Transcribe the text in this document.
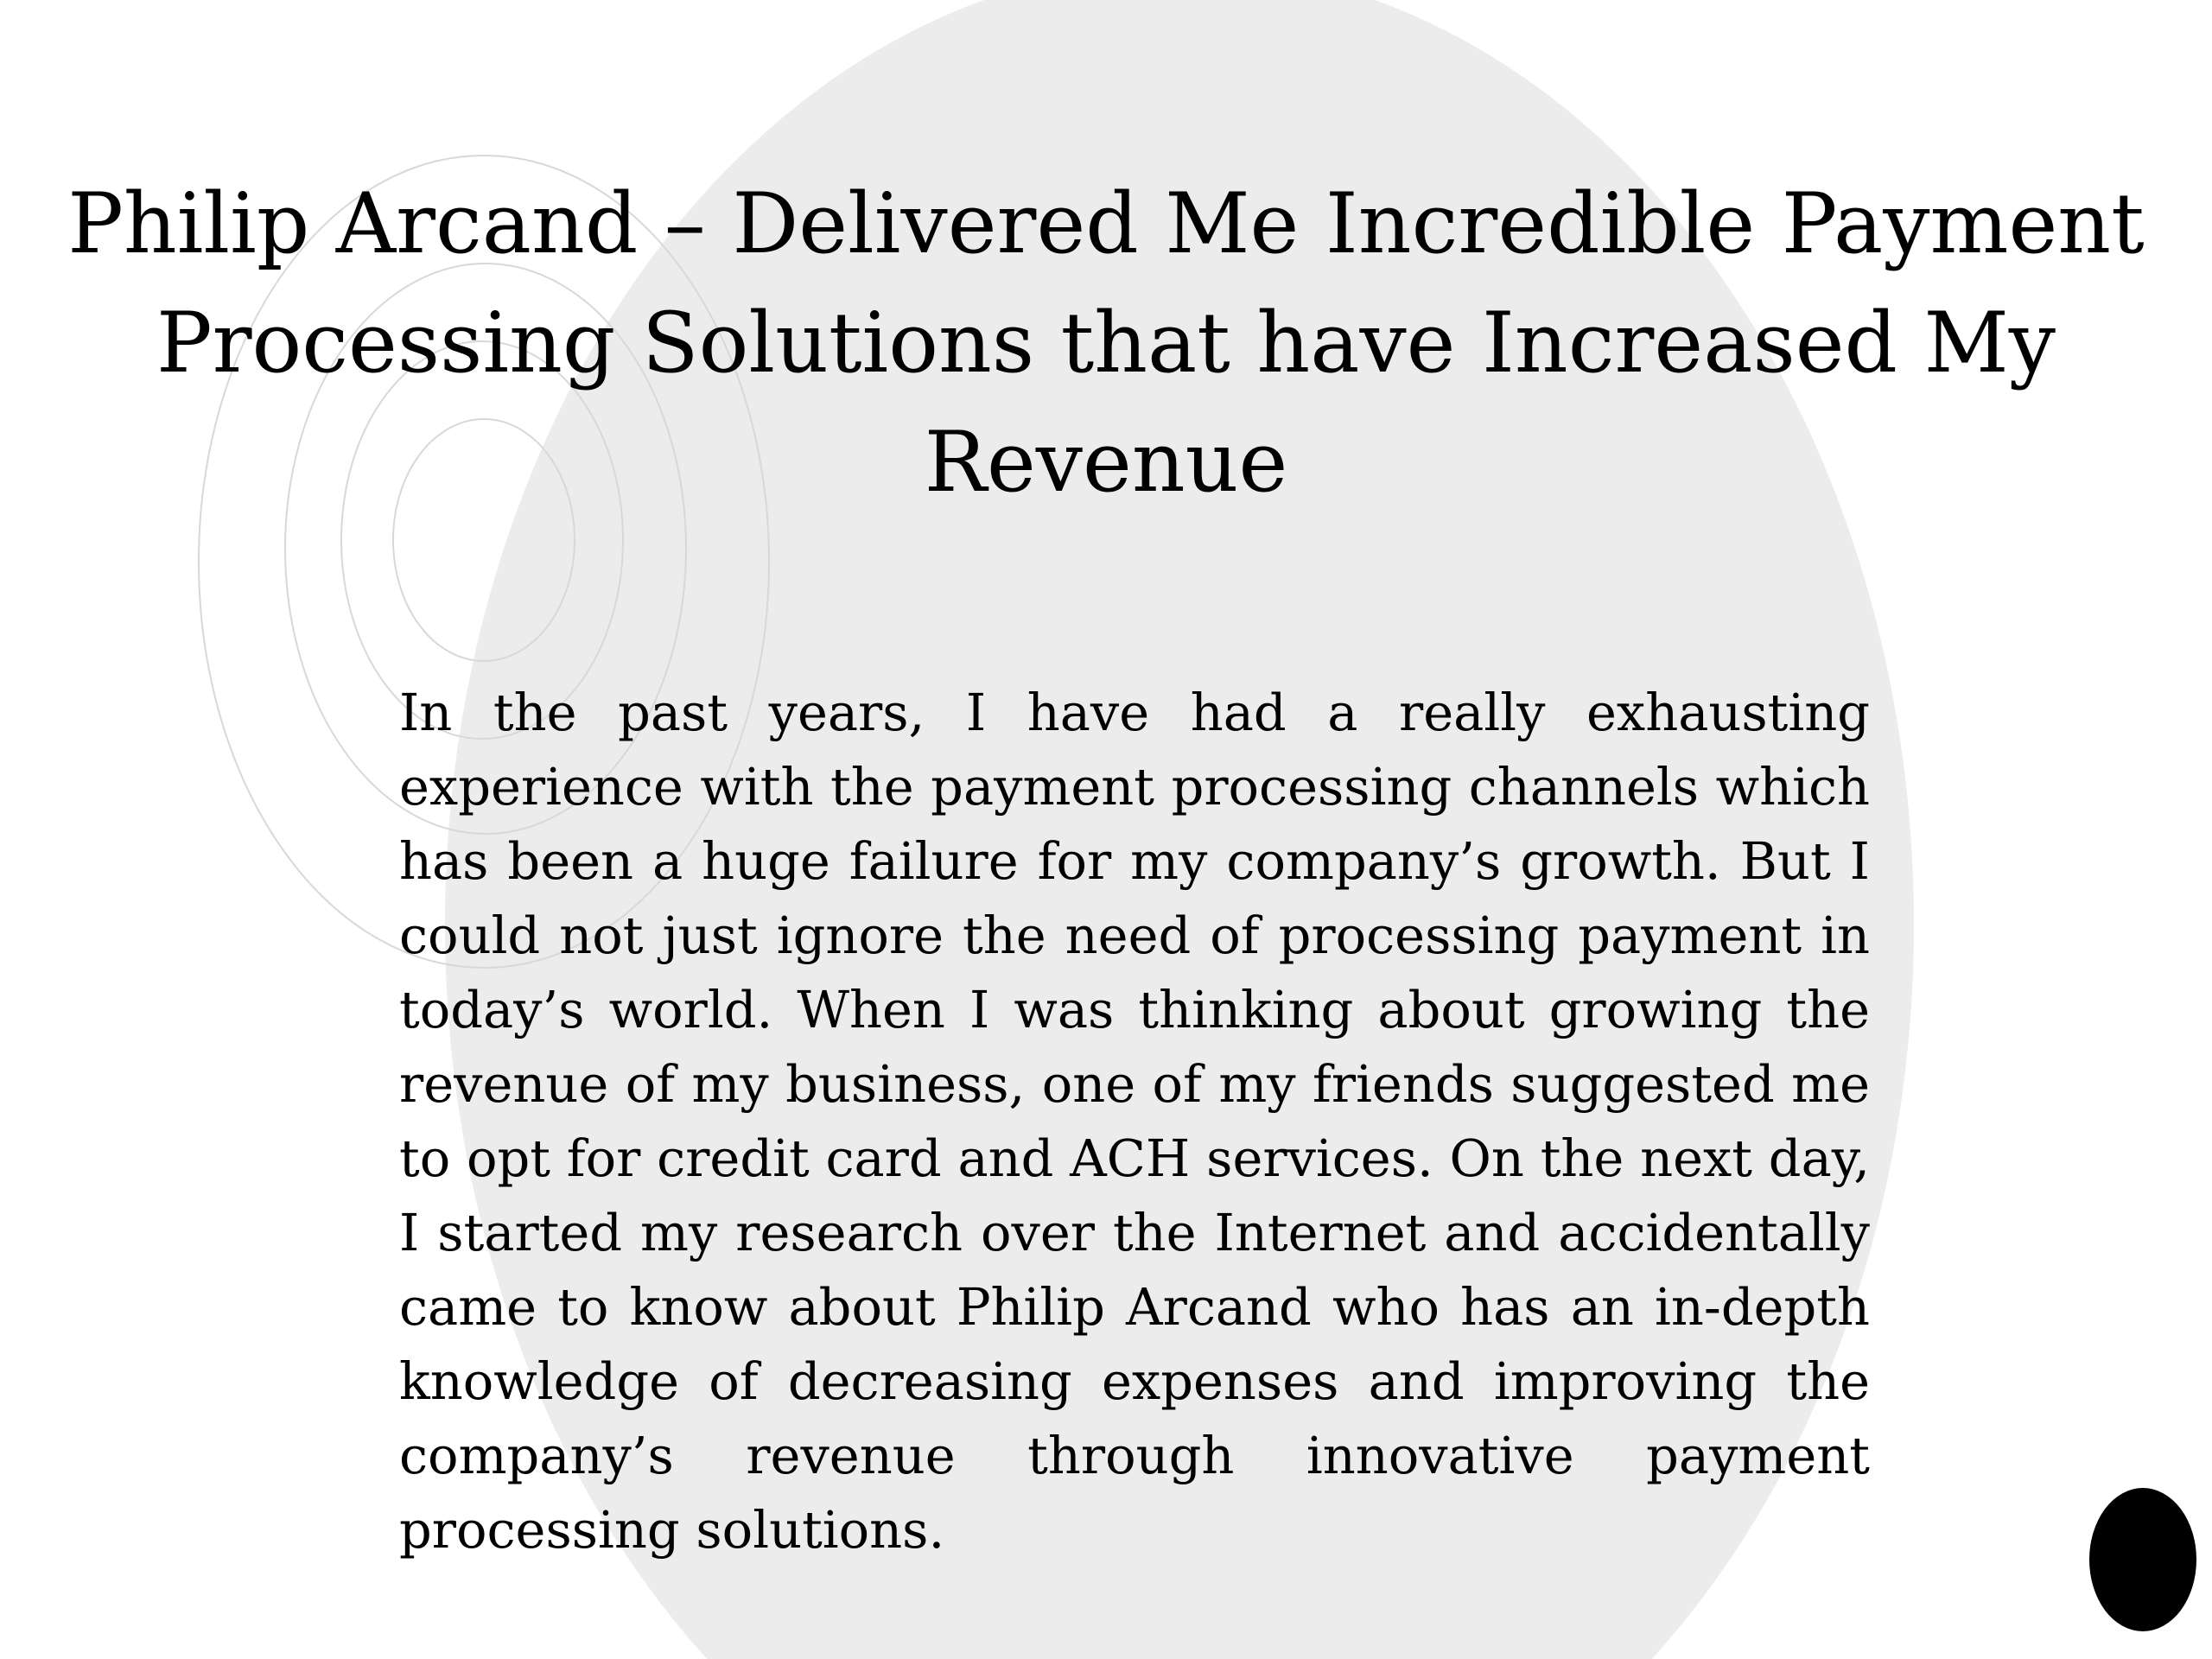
Philip Arcand – Delivered Me Incredible Payment Processing Solutions that have Increased My Revenue

In the past years, I have had a really exhausting experience with the payment processing channels which has been a huge failure for my company’s growth. But I could not just ignore the need of processing payment in today’s world. When I was thinking about growing the revenue of my business, one of my friends suggested me to opt for credit card and ACH services. On the next day, I started my research over the Internet and accidentally came to know about Philip Arcand who has an in-depth knowledge of decreasing expenses and improving the company’s revenue through innovative payment processing solutions.
